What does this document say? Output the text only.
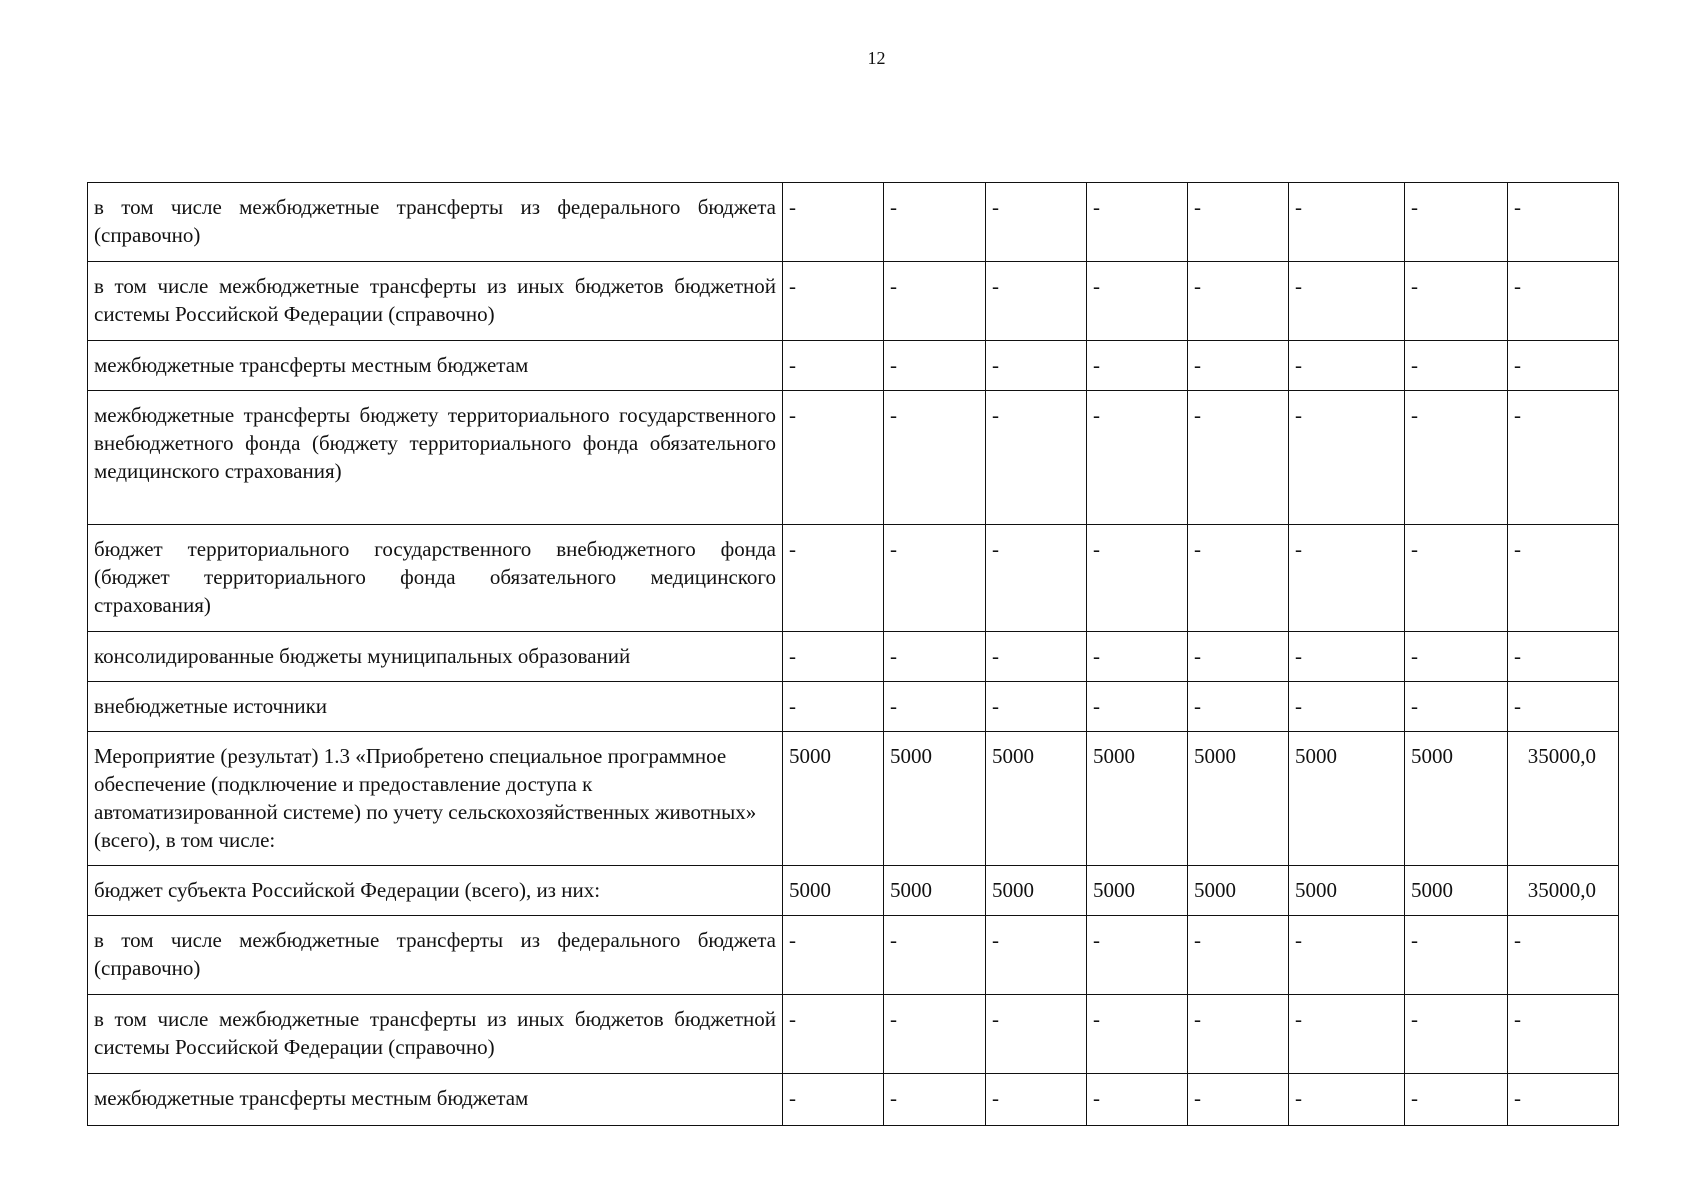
12
в том числе межбюджетные трансферты из федерального бюджета (справочно)	-	-	-	-	-	-	-	-
в том числе межбюджетные трансферты из иных бюджетов бюджетной системы Российской Федерации (справочно)	-	-	-	-	-	-	-	-
межбюджетные трансферты местным бюджетам	-	-	-	-	-	-	-	-
межбюджетные трансферты бюджету территориального государственного внебюджетного фонда (бюджету территориального фонда обязательного медицинского страхования)	-	-	-	-	-	-	-	-
бюджет территориального государственного внебюджетного фонда (бюджет территориального фонда обязательного медицинского страхования)	-	-	-	-	-	-	-	-
консолидированные бюджеты муниципальных образований	-	-	-	-	-	-	-	-
внебюджетные источники	-	-	-	-	-	-	-	-
Мероприятие (результат) 1.3 «Приобретено специальное программное обеспечение (подключение и предоставление доступа к автоматизированной системе) по учету сельскохозяйственных животных» (всего), в том числе:	5000	5000	5000	5000	5000	5000	5000	35000,0
бюджет субъекта Российской Федерации (всего), из них:	5000	5000	5000	5000	5000	5000	5000	35000,0
в том числе межбюджетные трансферты из федерального бюджета (справочно)	-	-	-	-	-	-	-	-
в том числе межбюджетные трансферты из иных бюджетов бюджетной системы Российской Федерации (справочно)	-	-	-	-	-	-	-	-
межбюджетные трансферты местным бюджетам	-	-	-	-	-	-	-	-
